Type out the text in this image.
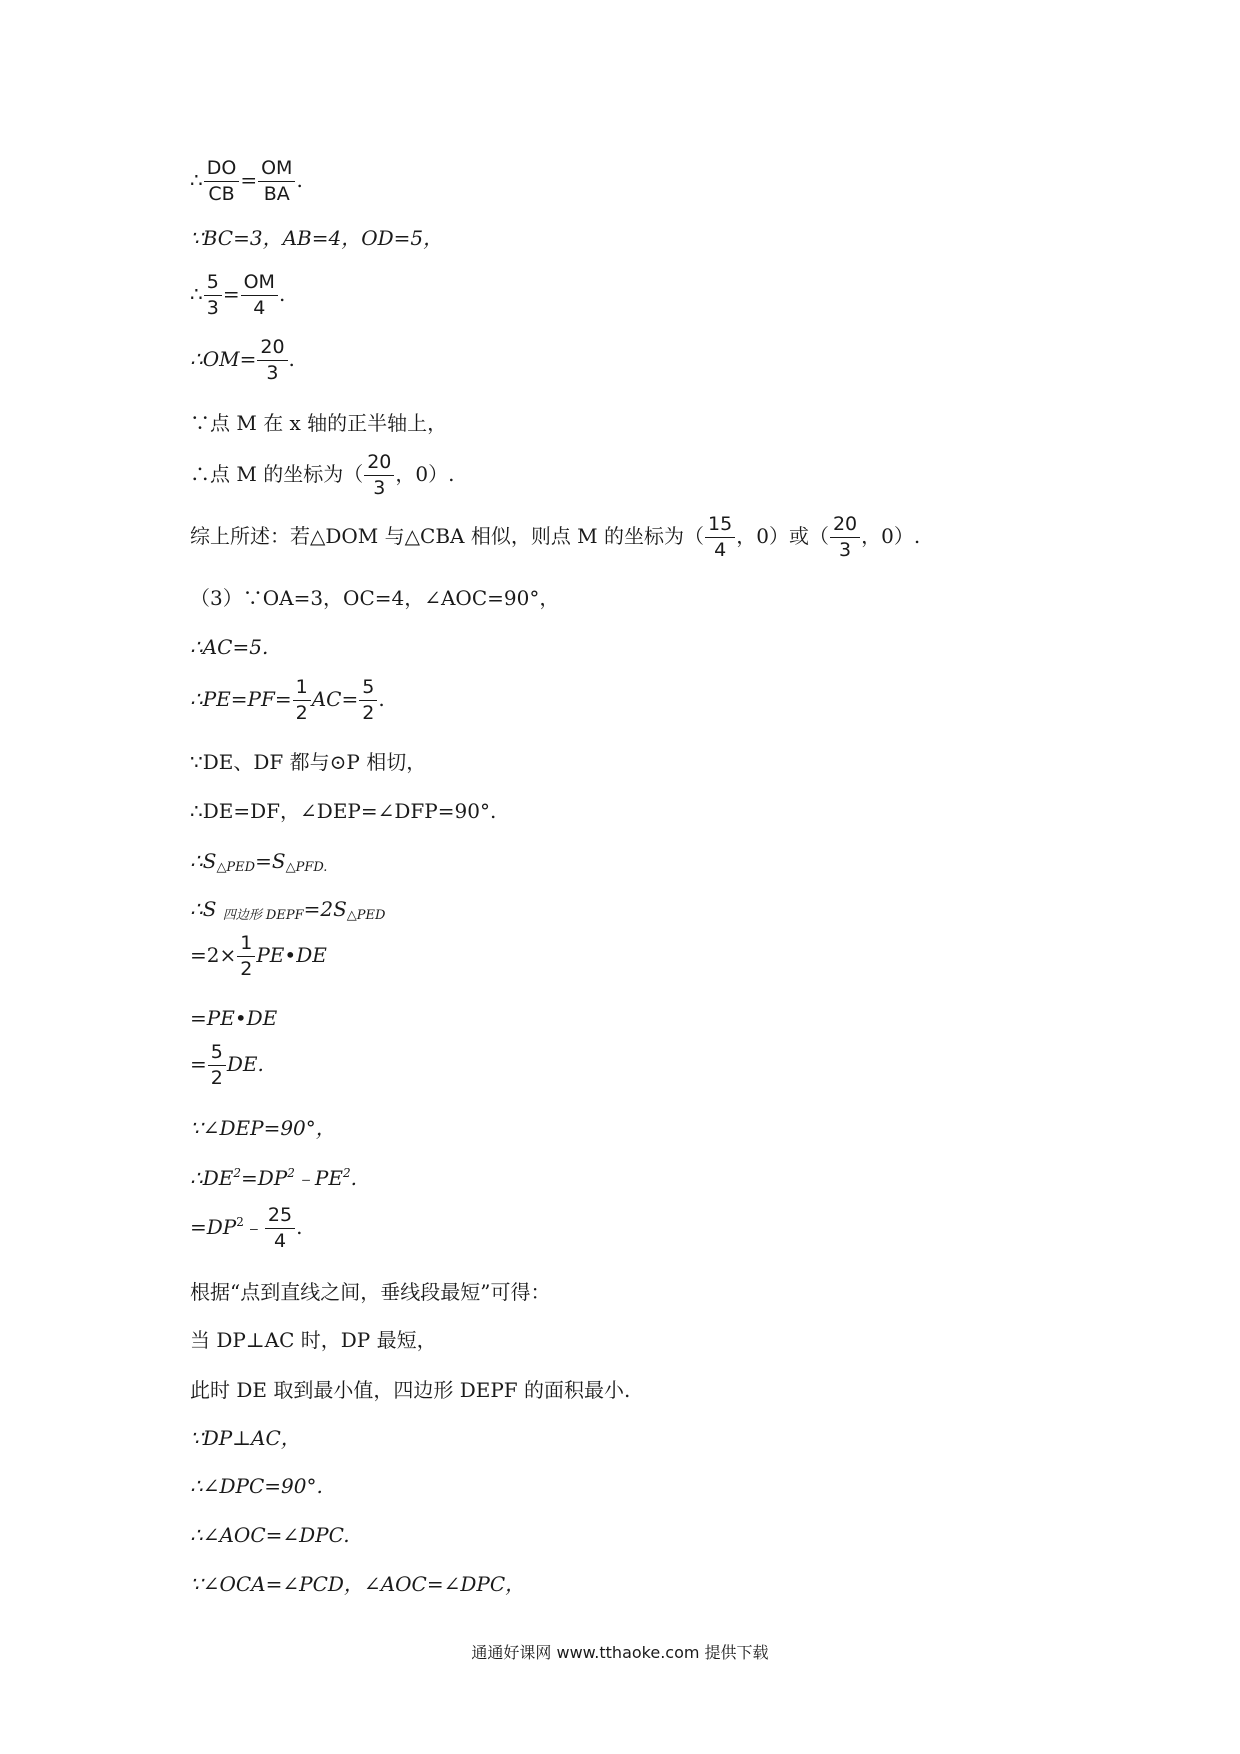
∴ $\frac{DO}{CB} = \frac{OM}{BA}$ .
∵BC=3，AB=4，OD=5，
∴ $\frac{5}{3} = \frac{OM}{4}$ .
∴OM= $\frac{20}{3}$ .
∵点 M 在 x 轴的正半轴上，
∴点 M 的坐标为（ $\frac{20}{3}$ ，0）.
综上所述：若△DOM 与△CBA 相似，则点 M 的坐标为（ $\frac{15}{4}$ ，0）或（ $\frac{20}{3}$ ，0）.
（3）∵OA=3，OC=4，∠AOC=90°，
∴AC=5.
∴PE=PF= $\frac{1}{2} AC= \frac{5}{2}$ .
∵DE、DF 都与⊙P 相切，
∴DE=DF，∠DEP=∠DFP=90°.
$\therefore S_{\triangle PED}=S_{\triangle PFD.}$
∴S $_{四边形 DEPF}=2S_{\triangle PED}$
$=2\times \frac{1}{2}$ PE•DE
=PE•DE
= $\frac{5}{2}$ DE.
∵∠DEP=90°，
$\therefore DE^2=DP^2﹣PE^2$.
$=DP^2﹣ \frac{25}{4}$ .
根据“点到直线之间，垂线段最短”可得：
当 DP⊥AC 时，DP 最短，
此时 DE 取到最小值，四边形 DEPF 的面积最小.
∵DP⊥AC，
∴∠DPC=90°.
∴∠AOC=∠DPC.
∵∠OCA=∠PCD，∠AOC=∠DPC，
通通好课网 www.tthaoke.com 提供下载
